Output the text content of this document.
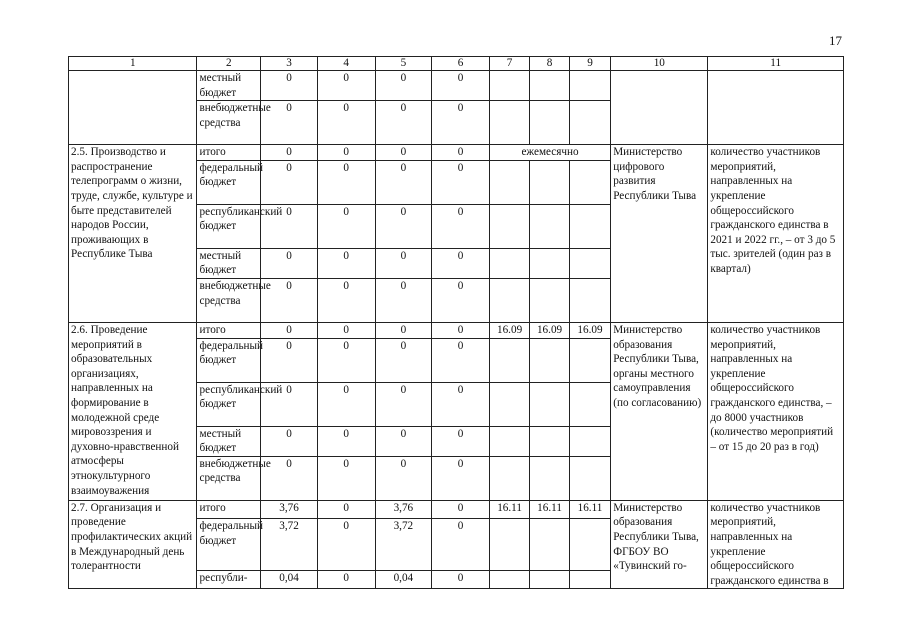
17
1	2	3	4	5	6	7	8	9	10	11
	местный бюджет	0	0	0	0					
	внебюджетные средства	0	0	0	0					
2.5. Производство и распространение телепрограмм о жизни, труде, службе, культуре и быте представителей народов России, проживающих в Республике Тыва	итого	0	0	0	0	ежемесячно			Министерство цифрового развития Республики Тыва	количество участников мероприятий, направленных на укрепление общероссийского гражданского единства в 2021 и 2022 гг., – от 3 до 5 тыс. зрителей (один раз в квартал)
	федеральный бюджет	0	0	0	0					
	республиканский бюджет	0	0	0	0					
	местный бюджет	0	0	0	0					
	внебюджетные средства	0	0	0	0					
2.6. Проведение мероприятий в образовательных организациях, направленных на формирование в молодежной среде мировоззрения и духовно-нравственной атмосферы этнокультурного взаимоуважения	итого	0	0	0	0	16.09	16.09	16.09	Министерство образования Республики Тыва, органы местного самоуправления (по согласованию)	количество участников мероприятий, направленных на укрепление общероссийского гражданского единства, – до 8000 участников (количество мероприятий – от 15 до 20 раз в год)
	федеральный бюджет	0	0	0	0					
	республиканский бюджет	0	0	0	0					
	местный бюджет	0	0	0	0					
	внебюджетные средства	0	0	0	0					
2.7. Организация и проведение профилактических акций в Международный день толерантности	итого	3,76	0	3,76	0	16.11	16.11	16.11	Министерство образования Республики Тыва, ФГБОУ ВО «Тувинский го-	количество участников мероприятий, направленных на укрепление общероссийского гражданского единства в
	федеральный бюджет	3,72	0	3,72	0					
	республи-	0,04	0	0,04	0					
